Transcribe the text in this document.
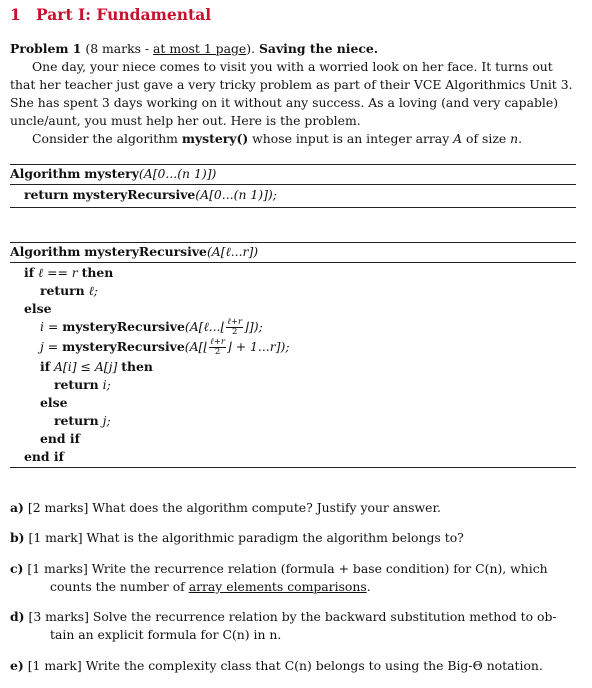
1 Part I: Fundamental
Problem 1 (8 marks - at most 1 page). Saving the niece.
One day, your niece comes to visit you with a worried look on her face. It turns out
that her teacher just gave a very tricky problem as part of their VCE Algorithmics Unit 3.
She has spent 3 days working on it without any success. As a loving (and very capable)
uncle/aunt, you must help her out. Here is the problem.
Consider the algorithm mystery() whose input is an integer array A of size n.
Algorithm mystery(A[0...(n 1)])
return mysteryRecursive(A[0...(n 1)]);
Algorithm mysteryRecursive(A[ℓ...r])
if ℓ == r then
return ℓ;
else
i = mysteryRecursive(A[ℓ...⌊ $\frac{\text{ℓ+r}}{2}$ ⌋]);
j = mysteryRecursive(A[⌊ $\frac{\text{ℓ+r}}{2}$ ⌋ + 1...r]);
if A[i] ≤ A[j] then
return i;
else
return j;
end if
end if
a) [2 marks] What does the algorithm compute? Justify your answer.
b) [1 mark] What is the algorithmic paradigm the algorithm belongs to?
c) [1 marks] Write the recurrence relation (formula + base condition) for C(n), which
counts the number of array elements comparisons.
d) [3 marks] Solve the recurrence relation by the backward substitution method to ob-
tain an explicit formula for C(n) in n.
e) [1 mark] Write the complexity class that C(n) belongs to using the Big-Θ notation.
